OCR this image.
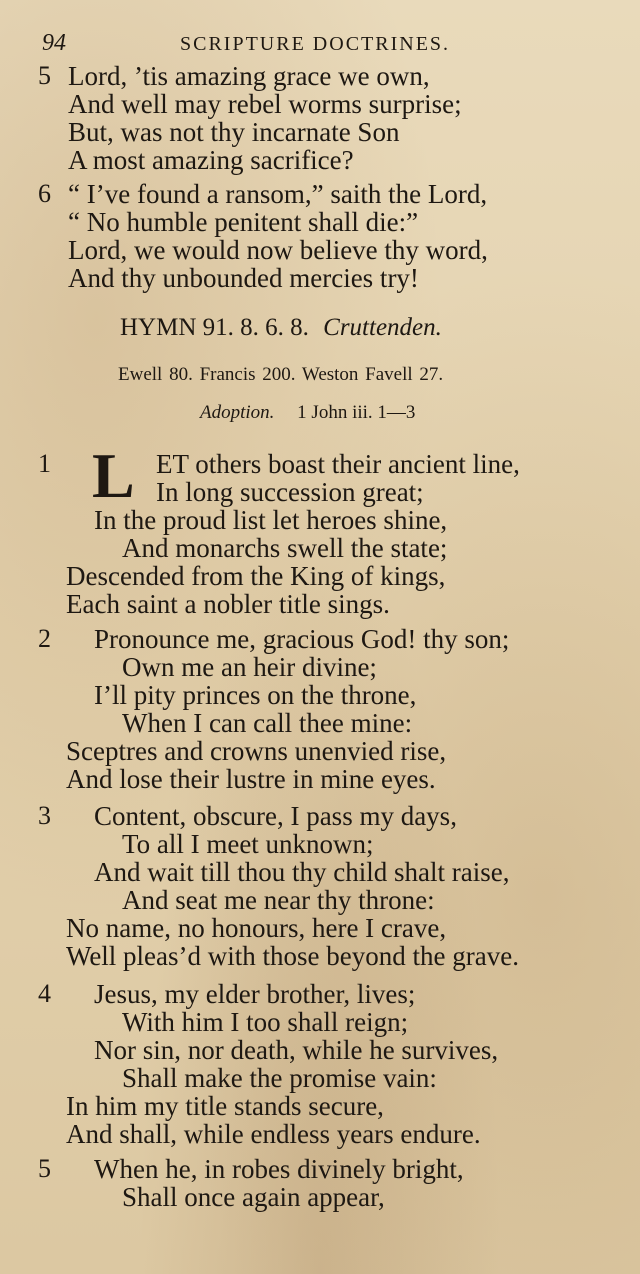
94	SCRIPTURE DOCTRINES.
5 Lord, ’tis amazing grace we own,
And well may rebel worms surprise;
But, was not thy incarnate Son
A most amazing sacrifice?
6 “ I’ve found a ransom,” saith the Lord,
“ No humble penitent shall die:”
Lord, we would now believe thy word,
And thy unbounded mercies try!
HYMN 91. 8. 6. 8. Cruttenden.
Ewell 80. Francis 200. Weston Favell 27.
Adoption. 1 John iii. 1—3
L
1	ET others boast their ancient line,
In long succession great;
In the proud list let heroes shine,
And monarchs swell the state;
Descended from the King of kings,
Each saint a nobler title sings.
2 Pronounce me, gracious God! thy son;
Own me an heir divine;
I’ll pity princes on the throne,
When I can call thee mine:
Sceptres and crowns unenvied rise,
And lose their lustre in mine eyes.
3 Content, obscure, I pass my days,
To all I meet unknown;
And wait till thou thy child shalt raise,
And seat me near thy throne:
No name, no honours, here I crave,
Well pleas’d with those beyond the grave.
4 Jesus, my elder brother, lives;
With him I too shall reign;
Nor sin, nor death, while he survives,
Shall make the promise vain:
In him my title stands secure,
And shall, while endless years endure.
5 When he, in robes divinely bright,
Shall once again appear,
